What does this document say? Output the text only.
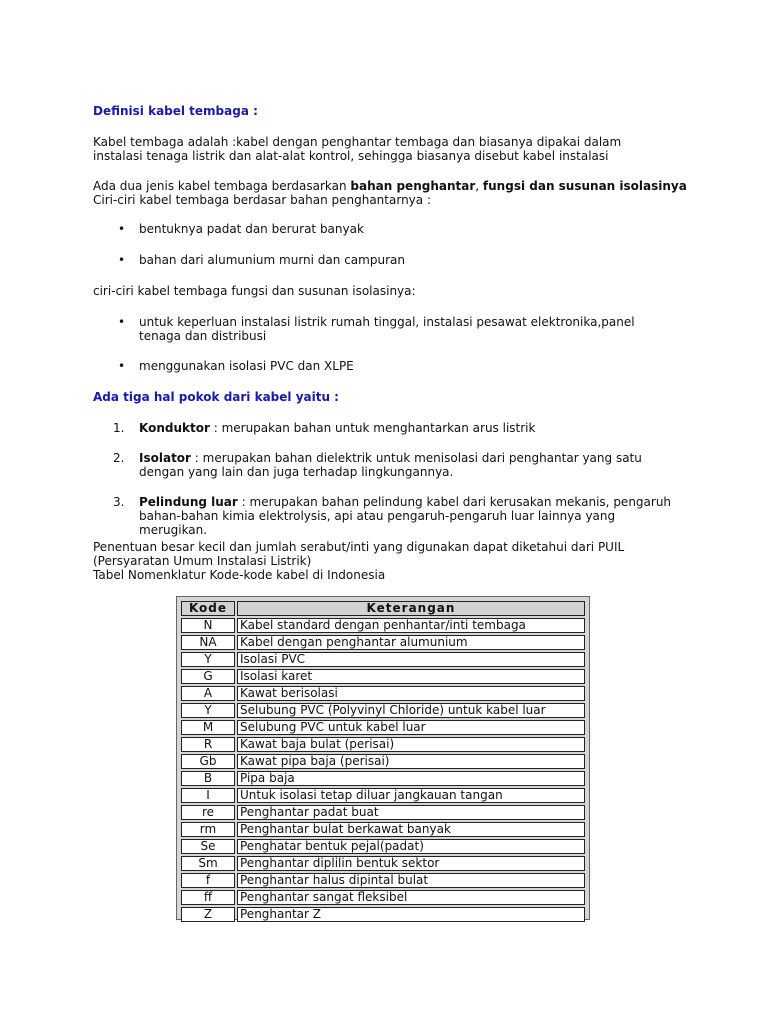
Definisi kabel tembaga :
Kabel tembaga adalah :kabel dengan penghantar tembaga dan biasanya dipakai dalam instalasi tenaga listrik dan alat-alat kontrol, sehingga biasanya disebut kabel instalasi
Ada dua jenis kabel tembaga berdasarkan bahan penghantar, fungsi dan susunan isolasinya
Ciri-ciri kabel tembaga berdasar bahan penghantarnya :
• bentuknya padat dan berurat banyak
• bahan dari alumunium murni dan campuran
ciri-ciri kabel tembaga fungsi dan susunan isolasinya:
• untuk keperluan instalasi listrik rumah tinggal, instalasi pesawat elektronika,panel tenaga dan distribusi
• menggunakan isolasi PVC dan XLPE
Ada tiga hal pokok dari kabel yaitu :
1. Konduktor : merupakan bahan untuk menghantarkan arus listrik
2. Isolator : merupakan bahan dielektrik untuk menisolasi dari penghantar yang satu dengan yang lain dan juga terhadap lingkungannya.
3. Pelindung luar : merupakan bahan pelindung kabel dari kerusakan mekanis, pengaruh bahan-bahan kimia elektrolysis, api atau pengaruh-pengaruh luar lainnya yang merugikan.
Penentuan besar kecil dan jumlah serabut/inti yang digunakan dapat diketahui dari PUIL
(Persyaratan Umum Instalasi Listrik)
Tabel Nomenklatur Kode-kode kabel di Indonesia
Kode	Keterangan
N	Kabel standard dengan penhantar/inti tembaga
NA	Kabel dengan penghantar alumunium
Y	Isolasi PVC
G	Isolasi karet
A	Kawat berisolasi
Y	Selubung PVC (Polyvinyl Chloride) untuk kabel luar
M	Selubung PVC untuk kabel luar
R	Kawat baja bulat (perisai)
Gb	Kawat pipa baja (perisai)
B	Pipa baja
I	Untuk isolasi tetap diluar jangkauan tangan
re	Penghantar padat buat
rm	Penghantar bulat berkawat banyak
Se	Penghatar bentuk pejal(padat)
Sm	Penghantar diplilin bentuk sektor
f	Penghantar halus dipintal bulat
ff	Penghantar sangat fleksibel
Z	Penghantar Z
